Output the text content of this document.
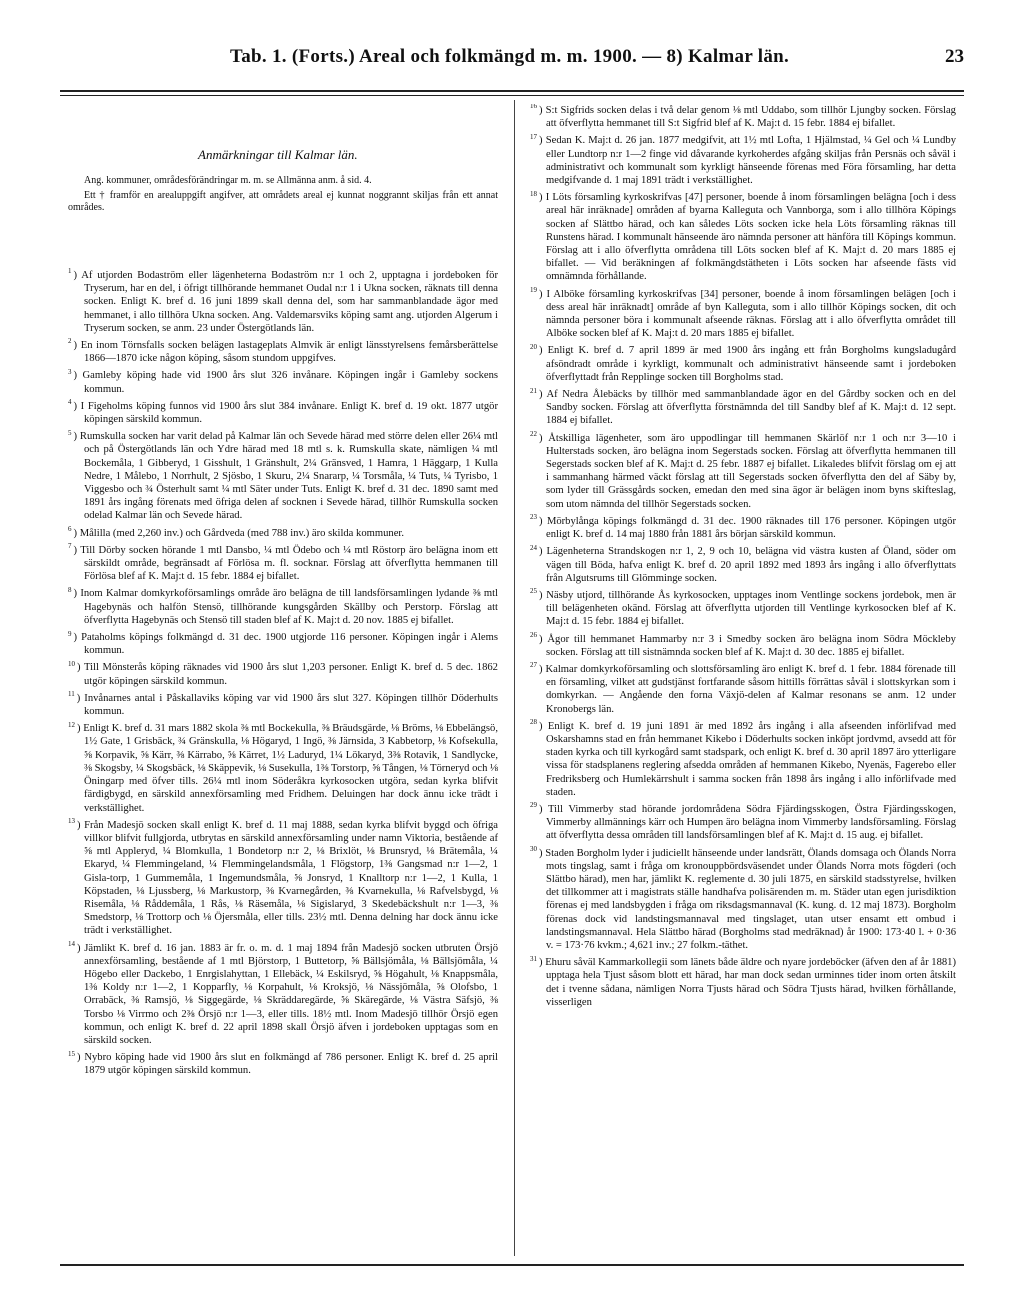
Tab. 1. (Forts.) Areal och folkmängd m. m. 1900. — 8) Kalmar län.	23
Anmärkningar till Kalmar län.

Ang. kommuner, områdesförändringar m. m. se Allmänna anm. å sid. 4.

Ett † framför en arealuppgift angifver, att områdets areal ej kunnat noggrannt skiljas från ett annat områdes.

$^1$ ) Af utjorden Bodaström eller lägenheterna Bodaström n:r 1 och 2, upptagna i jordeboken för Tryserum, har en del, i öfrigt tillhörande hemmanet Oudal n:r 1 i Ukna socken, räknats till denna socken. Enligt K. bref d. 16 juni 1899 skall denna del, som har sammanblandade ägor med hemmanet, i allo tillhöra Ukna socken. Ang. Valdemarsviks köping samt ang. utjorden Algerum i Tryserum socken, se anm. 23 under Östergötlands län.

$^2$ ) En inom Törnsfalls socken belägen lastageplats Almvik är enligt länsstyrelsens femårsberättelse 1866—1870 icke någon köping, såsom stundom uppgifves.

$^3$ ) Gamleby köping hade vid 1900 års slut 326 invånare. Köpingen ingår i Gamleby sockens kommun.

$^4$ ) I Figeholms köping funnos vid 1900 års slut 384 invånare. Enligt K. bref d. 19 okt. 1877 utgör köpingen särskild kommun.

$^5$ ) Rumskulla socken har varit delad på Kalmar län och Sevede härad med större delen eller 26¼ mtl och på Östergötlands län och Ydre härad med 18 mtl s. k. Rumskulla skate, nämligen ¼ mtl Bockemåla, 1 Gibberyd, 1 Gisshult, 1 Gränshult, 2¼ Gränsved, 1 Hamra, 1 Häggarp, 1 Kulla Nedre, 1 Målebo, 1 Norrhult, 2 Sjösbo, 1 Skuru, 2¼ Snararp, ¼ Torsmåla, ¼ Tuts, ¼ Tyrisbo, 1 Viggesbo och ¾ Österhult samt ¼ mtl Säter under Tuts. Enligt K. bref d. 31 dec. 1890 samt med 1891 års ingång förenats med öfriga delen af socknen i Sevede härad, tillhör Rumskulla socken odelad Kalmar län och Sevede härad.

$^6$ ) Målilla (med 2,260 inv.) och Gårdveda (med 788 inv.) äro skilda kommuner.

$^7$ ) Till Dörby socken hörande 1 mtl Dansbo, ¼ mtl Ödebo och ¼ mtl Röstorp äro belägna inom ett särskildt område, begränsadt af Förlösa m. fl. socknar. Förslag att öfverflytta hemmanen till Förlösa blef af K. Maj:t d. 15 febr. 1884 ej bifallet.

$^8$ ) Inom Kalmar domkyrkoförsamlings område äro belägna de till landsförsamlingen lydande ⅜ mtl Hagebynäs och halfön Stensö, tillhörande kungsgården Skällby och Perstorp. Förslag att öfverflytta Hagebynäs och Stensö till staden blef af K. Maj:t d. 20 nov. 1885 ej bifallet.

$^9$ ) Pataholms köpings folkmängd d. 31 dec. 1900 utgjorde 116 personer. Köpingen ingår i Alems kommun.

$^{10}$ ) Till Mönsterås köping räknades vid 1900 års slut 1,203 personer. Enligt K. bref d. 5 dec. 1862 utgör köpingen särskild kommun.

$^{11}$ ) Invånarnes antal i Påskallaviks köping var vid 1900 års slut 327. Köpingen tillhör Döderhults kommun.

$^{12}$ ) Enligt K. bref d. 31 mars 1882 skola ⅜ mtl Bockekulla, ⅜ Bräudsgärde, ⅛ Bröms, ⅛ Ebbelängsö, 1½ Gate, 1 Grisbäck, ¾ Gränskulla, ⅛ Högaryd, 1 Ingö, ⅜ Järnsida, 3 Kabbetorp, ⅛ Kofsekulla, ⅝ Korpavik, ⅝ Kärr, ⅜ Kärrabo, ⅝ Kärret, 1½ Laduryd, 1¼ Lökaryd, 3⅜ Rotavik, 1 Sandlycke, ⅜ Skogsby, ¼ Skogsbäck, ⅛ Skäppevik, ⅛ Susekulla, 1⅜ Torstorp, ⅝ Tången, ⅛ Törneryd och ⅛ Öningarp med öfver tills. 26¼ mtl inom Söderåkra kyrkosocken utgöra, sedan kyrka blifvit färdigbygd, en särskild annexförsamling med Fridhem. Deluingen har dock ännu icke trädt i verkställighet.

$^{13}$ ) Från Madesjö socken skall enligt K. bref d. 11 maj 1888, sedan kyrka blifvit byggd och öfriga villkor blifvit fullgjorda, utbrytas en särskild annexförsamling under namn Viktoria, bestående af ⅝ mtl Appleryd, ¼ Blomkulla, 1 Bondetorp n:r 2, ⅛ Brixlöt, ⅛ Brunsryd, ⅛ Brätemåla, ¼ Ekaryd, ¼ Flemmingeland, ¼ Flemmingelandsmåla, 1 Flögstorp, 1⅜ Gangsmad n:r 1—2, 1 Gisla-torp, 1 Gummemåla, 1 Ingemundsmåla, ⅝ Jonsryd, 1 Knalltorp n:r 1—2, 1 Kulla, 1 Köpstaden, ⅛ Ljussberg, ⅛ Markustorp, ⅜ Kvarnegården, ⅜ Kvarnekulla, ⅛ Rafvelsbygd, ⅛ Risemåla, ⅛ Råddemåla, 1 Rås, ⅛ Räsemåla, ⅛ Sigislaryd, 3 Skedebäckshult n:r 1—3, ⅜ Smedstorp, ⅛ Trottorp och ⅛ Öjersmåla, eller tills. 23½ mtl. Denna delning har dock ännu icke trädt i verkställighet.

$^{14}$ ) Jämlikt K. bref d. 16 jan. 1883 är fr. o. m. d. 1 maj 1894 från Madesjö socken utbruten Örsjö annexförsamling, bestående af 1 mtl Björstorp, 1 Buttetorp, ⅝ Bällsjömåla, ⅛ Bällsjömåla, ¼ Högebo eller Dackebo, 1 Enrgislahyttan, 1 Ellebäck, ¼ Eskilsryd, ⅝ Högahult, ⅛ Knappsmåla, 1⅜ Koldy n:r 1—2, 1 Kopparfly, ⅛ Korpahult, ⅛ Kroksjö, ⅛ Nässjömåla, ⅝ Olofsbo, 1 Orrabäck, ⅜ Ramsjö, ⅛ Siggegärde, ⅛ Skräddaregärde, ⅝ Skäregärde, ⅛ Västra Säfsjö, ⅜ Torsbo ⅛ Virrmo och 2⅜ Örsjö n:r 1—3, eller tills. 18½ mtl. Inom Madesjö tillhör Örsjö egen kommun, och enligt K. bref d. 22 april 1898 skall Örsjö äfven i jordeboken upptagas som en särskild socken.

$^{15}$ ) Nybro köping hade vid 1900 års slut en folkmängd af 786 personer. Enligt K. bref d. 25 april 1879 utgör köpingen särskild kommun.

$^{16}$ ) S:t Sigfrids socken delas i två delar genom ⅛ mtl Uddabo, som tillhör Ljungby socken. Förslag att öfverflytta hemmanet till S:t Sigfrid blef af K. Maj:t d. 15 febr. 1884 ej bifallet.

$^{17}$ ) Sedan K. Maj:t d. 26 jan. 1877 medgifvit, att 1½ mtl Lofta, 1 Hjälmstad, ¼ Gel och ¼ Lundby eller Lundtorp n:r 1—2 finge vid dåvarande kyrkoherdes afgång skiljas från Persnäs och såväl i administrativt och kommunalt som kyrkligt hänseende förenas med Föra församling, har detta medgifvande d. 1 maj 1891 trädt i verkställighet.

$^{18}$ ) I Löts församling kyrkoskrifvas [47] personer, boende å inom församlingen belägna [och i dess areal här inräknade] områden af byarna Kalleguta och Vannborga, som i allo tillhöra Köpings socken af Slättbo härad, och kan således Löts socken icke hela Löts församling räknas till Runstens härad. I kommunalt hänseende äro nämnda personer att hänföra till Köpings kommun. Förslag att i allo öfverflytta områdena till Löts socken blef af K. Maj:t d. 20 mars 1885 ej bifallet. — Vid beräkningen af folkmängdstätheten i Löts socken har afseende fästs vid omnämnda förhållande.

$^{19}$ ) I Alböke församling kyrkoskrifvas [34] personer, boende å inom församlingen belägen [och i dess areal här inräknadt] område af byn Kalleguta, som i allo tillhör Köpings socken, dit och nämnda personer böra i kommunalt afseende räknas. Förslag att i allo öfverflytta området till Alböke socken blef af K. Maj:t d. 20 mars 1885 ej bifallet.

$^{20}$ ) Enligt K. bref d. 7 april 1899 är med 1900 års ingång ett från Borgholms kungsladugård afsöndradt område i kyrkligt, kommunalt och administrativt hänseende samt i jordeboken öfverflyttadt från Repplinge socken till Borgholms stad.

$^{21}$ ) Af Nedra Ålebäcks by tillhör med sammanblandade ägor en del Gårdby socken och en del Sandby socken. Förslag att öfverflytta förstnämnda del till Sandby blef af K. Maj:t d. 12 sept. 1884 ej bifallet.

$^{22}$ ) Åtskilliga lägenheter, som äro uppodlingar till hemmanen Skärlöf n:r 1 och n:r 3—10 i Hulterstads socken, äro belägna inom Segerstads socken. Förslag att öfverflytta hemmanen till Segerstads socken blef af K. Maj:t d. 25 febr. 1887 ej bifallet. Likaledes blifvit förslag om ej att i sammanhang härmed väckt förslag att till Segerstads socken öfverflytta den del af Säby by, som lyder till Grässgårds socken, emedan den med sina ägor är belägen inom byns skifteslag, som utom nämnda del tillhör Segerstads socken.

$^{23}$ ) Mörbylånga köpings folkmängd d. 31 dec. 1900 räknades till 176 personer. Köpingen utgör enligt K. bref d. 14 maj 1880 från 1881 års början särskild kommun.

$^{24}$ ) Lägenheterna Strandskogen n:r 1, 2, 9 och 10, belägna vid västra kusten af Öland, söder om vägen till Böda, hafva enligt K. bref d. 20 april 1892 med 1893 års ingång i allo öfverflyttats från Algutsrums till Glömminge socken.

$^{25}$ ) Näsby utjord, tillhörande Ås kyrkosocken, upptages inom Ventlinge sockens jordebok, men är till belägenheten okänd. Förslag att öfverflytta utjorden till Ventlinge kyrkosocken blef af K. Maj:t d. 15 febr. 1884 ej bifallet.

$^{26}$ ) Ågor till hemmanet Hammarby n:r 3 i Smedby socken äro belägna inom Södra Möckleby socken. Förslag att till sistnämnda socken blef af K. Maj:t d. 30 dec. 1885 ej bifallet.

$^{27}$ ) Kalmar domkyrkoförsamling och slottsförsamling äro enligt K. bref d. 1 febr. 1884 förenade till en församling, vilket att gudstjänst fortfarande såsom hittills förrättas såväl i slottskyrkan som i domkyrkan. — Angående den forna Växjö-delen af Kalmar resonans se anm. 12 under Kronobergs län.

$^{28}$ ) Enligt K. bref d. 19 juni 1891 är med 1892 års ingång i alla afseenden införlifvad med Oskarshamns stad en från hemmanet Kikebo i Döderhults socken inköpt jordvmd, avsedd att för staden kyrka och till kyrkogård samt stadspark, och enligt K. bref d. 30 april 1897 äro ytterligare vissa för stadsplanens reglering afsedda områden af hemmanen Kikebo, Nyenäs, Fagerebo eller Fredriksberg och Humlekärrshult i samma socken från 1898 års ingång i allo införlifvade med staden.

$^{29}$ ) Till Vimmerby stad hörande jordområdena Södra Fjärdingsskogen, Östra Fjärdingsskogen, Vimmerby allmännings kärr och Humpen äro belägna inom Vimmerby landsförsamling. Förslag att öfverflytta dessa områden till landsförsamlingen blef af K. Maj:t d. 15 aug. ej bifallet.

$^{30}$ ) Staden Borgholm lyder i judiciellt hänseende under landsrätt, Ölands domsaga och Ölands Norra mots tingslag, samt i fråga om kronouppbördsväsendet under Ölands Norra mots fögderi (och Slättbo härad), men har, jämlikt K. reglemente d. 30 juli 1875, en särskild stadsstyrelse, hvilken det tillkommer att i magistrats ställe handhafva polisärenden m. m. Städer utan egen jurisdiktion förenas ej med landsbygden i fråga om riksdagsmannaval (K. kung. d. 12 maj 1873). Borgholm förenas dock vid landstingsmannaval med tingslaget, utan utser ensamt ett ombud i landstingsmannaval. Hela Slättbo härad (Borgholms stad medräknad) år 1900: 173·40 l. + 0·36 v. = 173·76 kvkm.; 4,621 inv.; 27 folkm.-täthet.

$^{31}$ ) Ehuru såväl Kammarkollegii som länets både äldre och nyare jordeböcker (äfven den af år 1881) upptaga hela Tjust såsom blott ett härad, har man dock sedan urminnes tider inom orten åtskilt det i tvenne sådana, nämligen Norra Tjusts härad och Södra Tjusts härad, hvilken förhållande, visserligen
